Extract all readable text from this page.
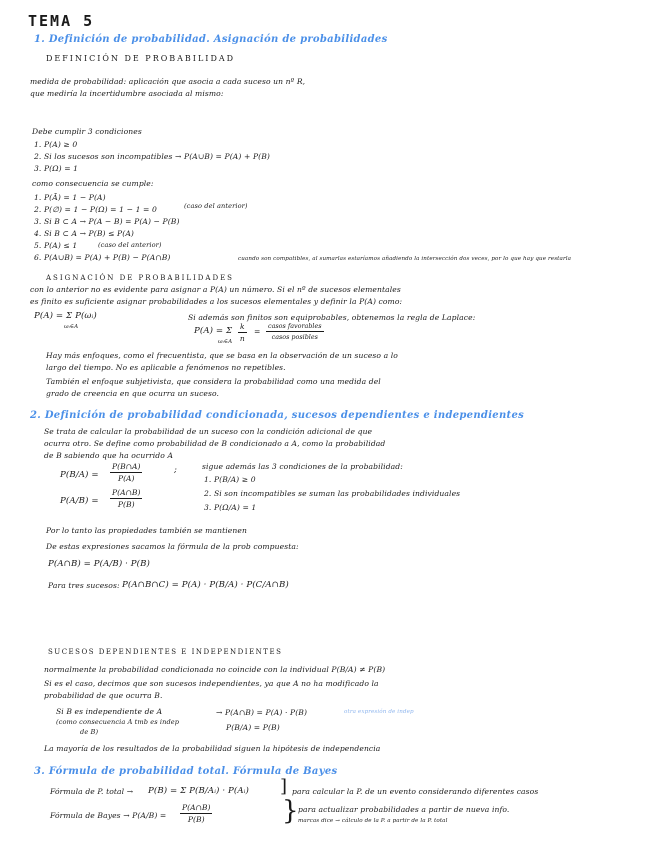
TEMA 5
1. Definición de probabilidad. Asignación de probabilidades
DEFINICIÓN DE PROBABILIDAD
medida de probabilidad: aplicación que asocia a cada suceso un nº R,
que mediría la incertidumbre asociada al mismo:
Debe cumplir 3 condiciones
1. P(A) ≥ 0
2. Si los sucesos son incompatibles → P(A∪B) = P(A) + P(B)
3. P(Ω) = 1
como consecuencia se cumple:
1. P(Ā) = 1 − P(A)
2. P(∅) = 1 − P(Ω) = 1 − 1 = 0	(caso del anterior)
3. Si B ⊂ A → P(A − B) = P(A) − P(B)
4. Si B ⊂ A → P(B) ≤ P(A)
5. P(A) ≤ 1	(caso del anterior)
6. P(A∪B) = P(A) + P(B) − P(A∩B)	cuando son compatibles, al sumarlas estaríamos añadiendo la intersección dos veces, por lo que hay que restarla
ASIGNACIÓN DE PROBABILIDADES
con lo anterior no es evidente para asignar a P(A) un número. Si el nº de sucesos elementales
es finito es suficiente asignar probabilidades a los sucesos elementales y definir la P(A) como:
P(A) = Σ P(ωᵢ)
ωᵢ∈A
Si además son finitos son equiprobables, obtenemos la regla de Laplace:
P(A) = Σ
ωᵢ∈A $\frac{k}{n}$ =
casos favorables
casos posibles
Hay más enfoques, como el frecuentista, que se basa en la observación de un suceso a lo
largo del tiempo. No es aplicable a fenómenos no repetibles.
También el enfoque subjetivista, que considera la probabilidad como una medida del
grado de creencia en que ocurra un suceso.
2. Definición de probabilidad condicionada, sucesos dependientes e independientes
Se trata de calcular la probabilidad de un suceso con la condición adicional de que
ocurra otro. Se define como probabilidad de B condicionado a A, como la probabilidad
de B sabiendo que ha ocurrido A
$P(B/A) = \frac{P(B\cap A)}{P(A)}$	;
$P(A/B) = \frac{P(A\cap B)}{P(B)}$
sigue además las 3 condiciones de la probabilidad:
1. P(B/A) ≥ 0
2. Si son incompatibles se suman las probabilidades individuales
3. P(Ω/A) = 1
Por lo tanto las propiedades también se mantienen
De estas expresiones sacamos la fórmula de la prob compuesta:
P(A∩B) = P(A/B) · P(B)
Para tres sucesos: P(A∩B∩C) = P(A) · P(B/A) · P(C/A∩B)
SUCESOS DEPENDIENTES E INDEPENDIENTES
normalmente la probabilidad condicionada no coincide con la individual P(B/A) ≠ P(B)
Si es el caso, decimos que son sucesos independientes, ya que A no ha modificado la
probabilidad de que ocurra B.
Si B es independiente de A
(como consecuencia A tmb es indep
de B)
→ P(A∩B) = P(A) · P(B)
P(B/A) = P(B)
otra expresión de indep
La mayoría de los resultados de la probabilidad siguen la hipótesis de independencia
3. Fórmula de probabilidad total. Fórmula de Bayes
Fórmula de P. total → P(B) = Σ P(B/Aᵢ) · P(Aᵢ) ] para calcular la P. de un evento considerando diferentes casos
Fórmula de Bayes → $P(A/B) = \frac{P(A\cap B)}{P(B)}$	} para actualizar probabilidades a partir de nueva info.
marcas dice → cálculo de la P. a partir de la P. total
